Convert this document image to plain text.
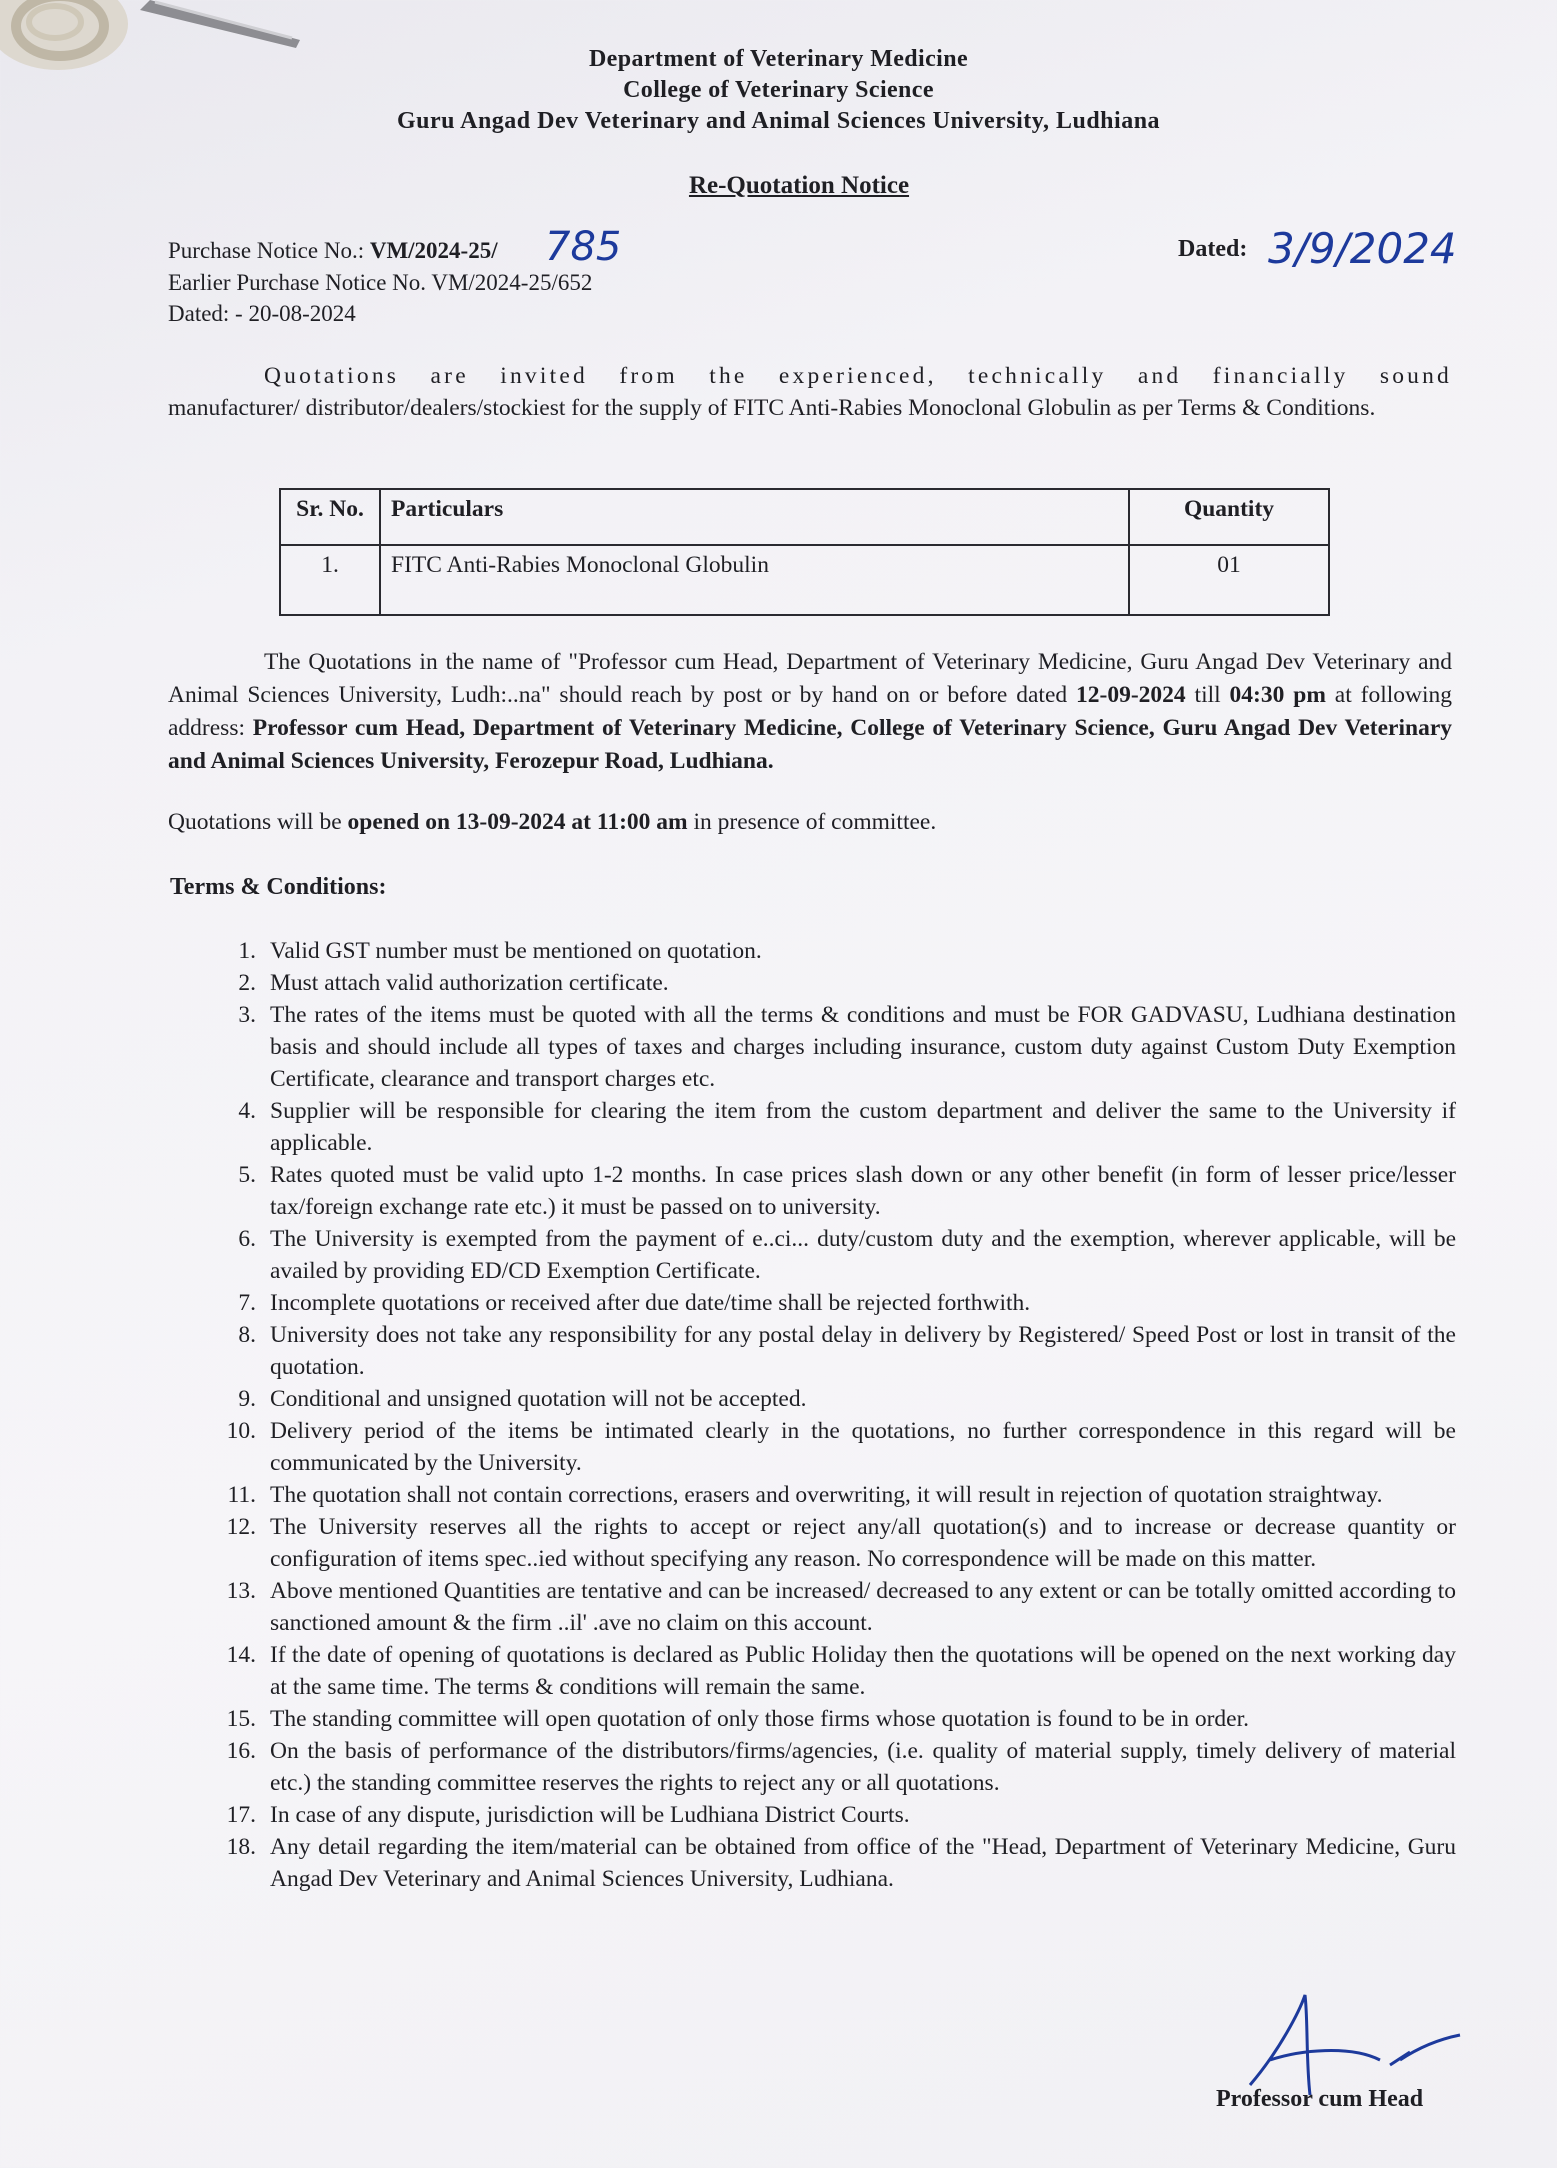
Department of Veterinary Medicine
College of Veterinary Science
Guru Angad Dev Veterinary and Animal Sciences University, Ludhiana
Re-Quotation Notice
Purchase Notice No.: VM/2024-25/ 785
Earlier Purchase Notice No. VM/2024-25/652
Dated: - 20-08-2024
Dated: 3/9/2024
Quotations are invited from the experienced, technically and financially sound manufacturer/ distributor/dealers/stockiest for the supply of FITC Anti-Rabies Monoclonal Globulin as per Terms & Conditions.
Sr. No.	Particulars	Quantity
1.	FITC Anti-Rabies Monoclonal Globulin	01
The Quotations in the name of "Professor cum Head, Department of Veterinary Medicine, Guru Angad Dev Veterinary and Animal Sciences University, Ludh:..na" should reach by post or by hand on or before dated 12-09-2024 till 04:30 pm at following address: Professor cum Head, Department of Veterinary Medicine, College of Veterinary Science, Guru Angad Dev Veterinary and Animal Sciences University, Ferozepur Road, Ludhiana.
Quotations will be opened on 13-09-2024 at 11:00 am in presence of committee.
Terms & Conditions:
1. Valid GST number must be mentioned on quotation.
2. Must attach valid authorization certificate.
3. The rates of the items must be quoted with all the terms & conditions and must be FOR GADVASU, Ludhiana destination basis and should include all types of taxes and charges including insurance, custom duty against Custom Duty Exemption Certificate, clearance and transport charges etc.
4. Supplier will be responsible for clearing the item from the custom department and deliver the same to the University if applicable.
5. Rates quoted must be valid upto 1-2 months. In case prices slash down or any other benefit (in form of lesser price/lesser tax/foreign exchange rate etc.) it must be passed on to university.
6. The University is exempted from the payment of e..ci... duty/custom duty and the exemption, wherever applicable, will be availed by providing ED/CD Exemption Certificate.
7. Incomplete quotations or received after due date/time shall be rejected forthwith.
8. University does not take any responsibility for any postal delay in delivery by Registered/ Speed Post or lost in transit of the quotation.
9. Conditional and unsigned quotation will not be accepted.
10. Delivery period of the items be intimated clearly in the quotations, no further correspondence in this regard will be communicated by the University.
11. The quotation shall not contain corrections, erasers and overwriting, it will result in rejection of quotation straightway.
12. The University reserves all the rights to accept or reject any/all quotation(s) and to increase or decrease quantity or configuration of items spec..ied without specifying any reason. No correspondence will be made on this matter.
13. Above mentioned Quantities are tentative and can be increased/ decreased to any extent or can be totally omitted according to sanctioned amount & the firm ..il' .ave no claim on this account.
14. If the date of opening of quotations is declared as Public Holiday then the quotations will be opened on the next working day at the same time. The terms & conditions will remain the same.
15. The standing committee will open quotation of only those firms whose quotation is found to be in order.
16. On the basis of performance of the distributors/firms/agencies, (i.e. quality of material supply, timely delivery of material etc.) the standing committee reserves the rights to reject any or all quotations.
17. In case of any dispute, jurisdiction will be Ludhiana District Courts.
18. Any detail regarding the item/material can be obtained from office of the "Head, Department of Veterinary Medicine, Guru Angad Dev Veterinary and Animal Sciences University, Ludhiana.
Professor cum Head
